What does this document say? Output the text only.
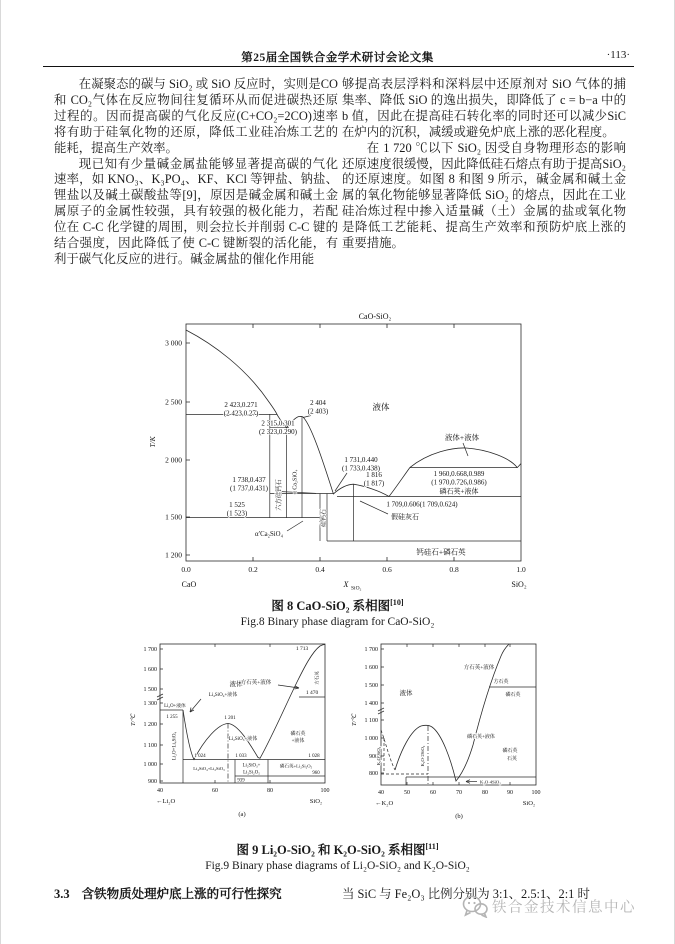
第25届全国铁合金学术研讨会论文集	·113·

在凝聚态的碳与 SiO₂ 或 SiO 反应时，实则是CO 和 CO₂气体在反应物间往复循环从而促进碳热还原过程的。因而提高碳的气化反应(C+CO₂=2CO)速率将有助于硅氧化物的还原，降低工业硅冶炼工艺的能耗，提高生产效率。

现已知有少量碱金属盐能够显著提高碳的气化速率，如 KNO₃、K₃PO₄、KF、KCl 等钾盐、钠盐、锂盐以及碱土碳酸盐等[9]，原因是碱金属和碱土金属原子的金属性较强，具有较强的极化能力，若配位在 C-C 化学键的周围，则会拉长并削弱 C-C 键的结合强度，因此降低了使 C-C 键断裂的活化能，有利于碳气化反应的进行。碱金属盐的催化作用能

够提高表层浮料和深料层中还原剂对 SiO 气体的捕集率、降低 SiO 的逸出损失，即降低了 c = b−a 中的 b 值，因此在提高硅石转化率的同时还可以减少SiC 在炉内的沉积，减缓或避免炉底上涨的恶化程度。

在 1 720 ℃以下 SiO₂ 因受自身物理形态的影响还原速度很缓慢，因此降低硅石熔点有助于提高SiO₂ 的还原速度。如图 8 和图 9 所示，碱金属和碱土金属的氧化物能够显著降低 SiO₂ 的熔点，因此在工业硅冶炼过程中掺入适量碱（土）金属的盐或氧化物是降低工艺能耗、提高生产效率和预防炉底上涨的重要措施。

3 000
2 500
2 000
1 500
1 200
T/K
0.0	0.2	0.4	0.6	0.8	1.0
CaO	X SiO₂	SiO₂
CaO-SiO₂
2 423,0.271
(2 423,0.27)
2 315,0.301
(2 323,0.290)
2 404
(2 403)
1 731,0.440
(1 733,0.438)
1 816
(1 817)
1 738,0.437
(1 737,0.431)
1 525
(1 523)
1 960,0.668,0.989
(1 970,0.726,0.986)
1 709,0.606(1 709,0.624)
液体
液体+液体
磷石英+液体
假硅灰石
钙硅石+磷石英
六方硅钙石 α Ca₂SiO₄
硅钙石
α′Ca₂SiO₄
图 8 CaO-SiO₂ 系相图[10]
Fig.8 Binary phase diagram for CaO-SiO₂
1 700
1 600
1 500
1 300
1 200
1 100
1 000
900
T/℃
40	60	80	100
←Li₂O	SiO₂
(a)
液体
Li₂O+液体
1 255
Li₄SiO₄+液体
Li₂SiO₃+液体
1 201
方石英+液体
1 713
1 470
方石英
磷石英
+液体
Li₂O+Li₄SiO₄	1 024	1 033	1 028
Li₄SiO₄+Li₂SiO₃	Li₂SiO₃+
Li₂Si₂O₅
939
磷石英+Li₂Si₂O₅
960
1 700
1 600
1 500
1 400
1 100
1 000
900
800
T/℃
40	50	60	70	80	90	100
←K₂O	SiO₂
(b)
液体
方石英+液体
方石英
磷石英
磷石英+液体
磷石英
石英
K₂O·SiO₂	K₂O·2SiO₂
K₂O·4SiO₂
图 9 Li₂O-SiO₂ 和 K₂O-SiO₂ 系相图[11]
Fig.9 Binary phase diagrams of Li₂O-SiO₂ and K₂O-SiO₂
3.3 含铁物质处理炉底上涨的可行性探究	当 SiC 与 Fe₂O₃ 比例分别为 3:1、2.5:1、2:1 时
铁合金技术信息中心
